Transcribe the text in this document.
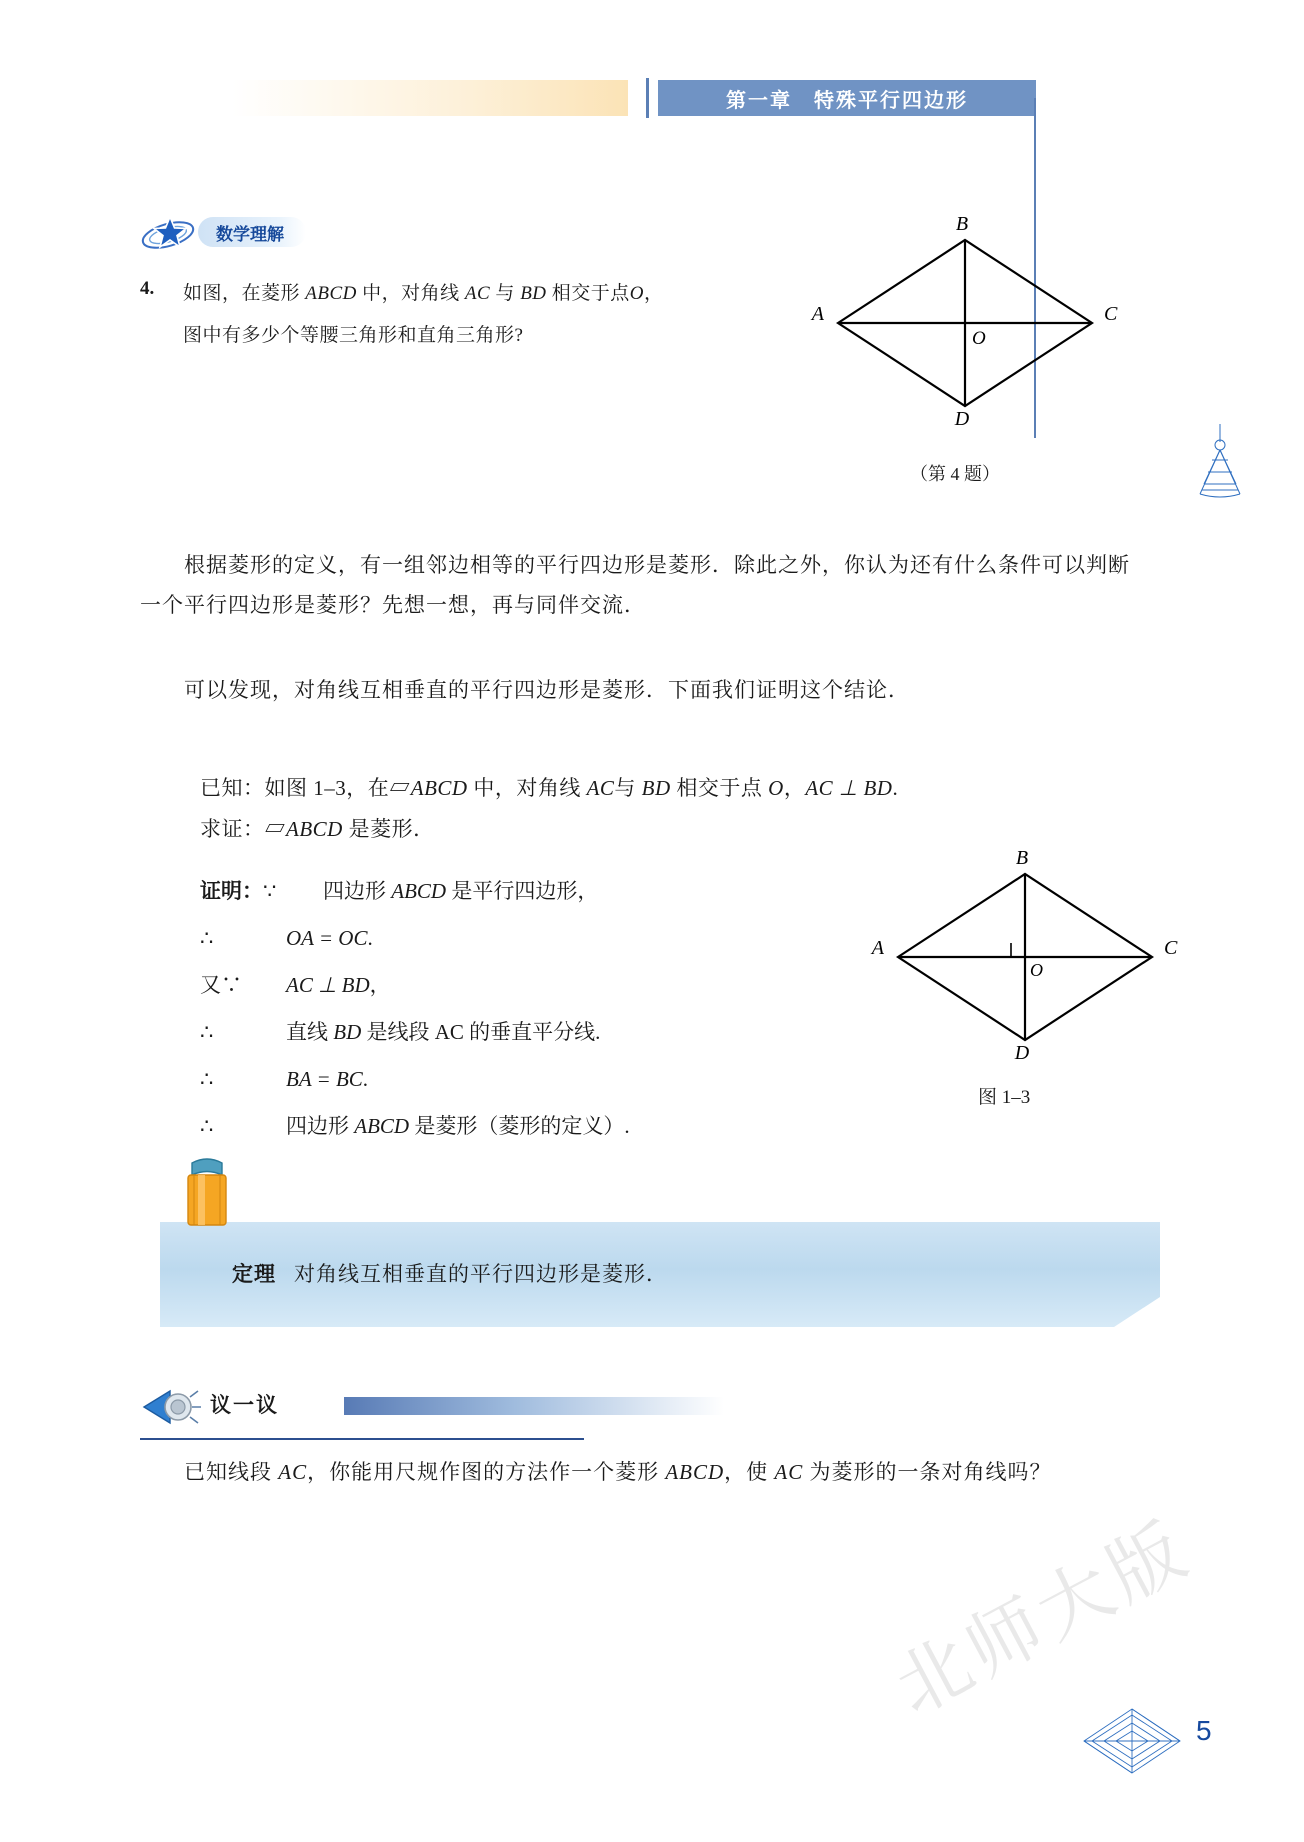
第一章　特殊平行四边形
数学理解
4. 如图，在菱形 ABCD 中，对角线 AC 与 BD 相交于点O，
图中有多少个等腰三角形和直角三角形?
B
A	C
D
O
（第 4 题）
根据菱形的定义，有一组邻边相等的平行四边形是菱形．除此之外，你认为还有什么条件可以判断一个平行四边形是菱形？先想一想，再与同伴交流．
可以发现，对角线互相垂直的平行四边形是菱形．下面我们证明这个结论．
已知：如图 1–3，在▱ABCD 中，对角线 AC与 BD 相交于点 O，AC ⊥ BD.
求证：▱ABCD 是菱形．
证明： ∵	四边形 ABCD 是平行四边形，
∴	OA = OC.
又∵	AC ⊥ BD，
∴	直线 BD 是线段 AC 的垂直平分线.
∴	BA = BC.
∴	四边形 ABCD 是菱形（菱形的定义）.
B
A	C
D
O
图 1–3
定理 对角线互相垂直的平行四边形是菱形．
议一议
已知线段 AC，你能用尺规作图的方法作一个菱形 ABCD，使 AC 为菱形的一条对角线吗？
北师大版
5
